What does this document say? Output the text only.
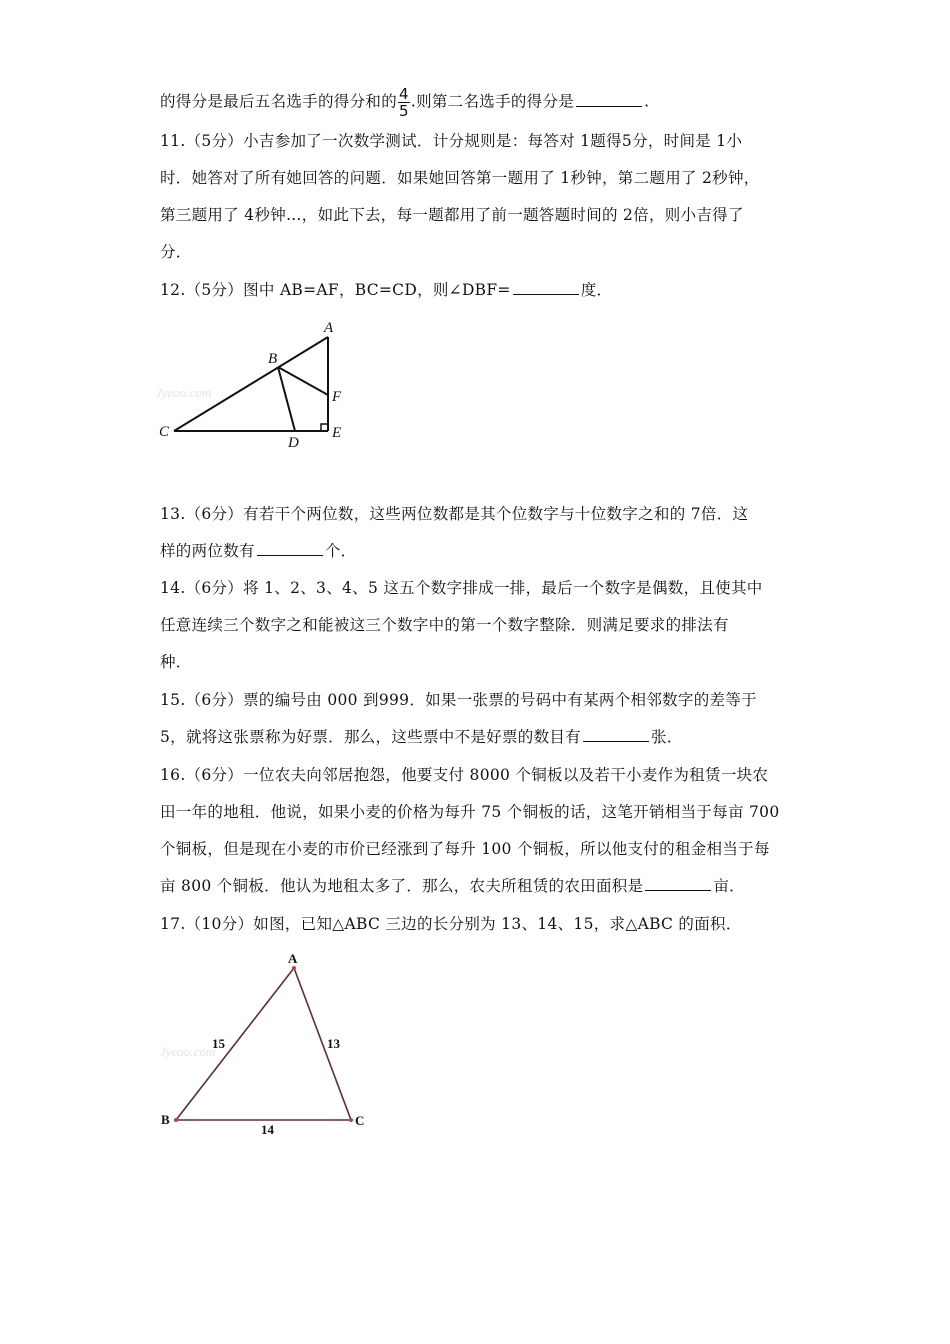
的得分是最后五名选手的得分和的 $\frac{4}{5}$ .则第二名选手的得分是	.
11.（5分）小吉参加了一次数学测试．计分规则是：每答对 1题得5分，时间是 1小
时．她答对了所有她回答的问题．如果她回答第一题用了 1秒钟，第二题用了 2秒钟，
第三题用了 4秒钟…，如此下去，每一题都用了前一题答题时间的 2倍，则小吉得了
分．
12.（5分）图中 AB=AF，BC=CD，则∠DBF=	度．
Jyeoo.com
A
B
C
D
E
F
13.（6分）有若干个两位数，这些两位数都是其个位数字与十位数字之和的 7倍．这
样的两位数有	个．
14.（6分）将 1、2、3、4、5 这五个数字排成一排，最后一个数字是偶数，且使其中
任意连续三个数字之和能被这三个数字中的第一个数字整除．则满足要求的排法有
种．
15.（6分）票的编号由 000 到999．如果一张票的号码中有某两个相邻数字的差等于
5，就将这张票称为好票．那么，这些票中不是好票的数目有	张．
16.（6分）一位农夫向邻居抱怨，他要支付 8000 个铜板以及若干小麦作为租赁一块农
田一年的地租．他说，如果小麦的价格为每升 75 个铜板的话，这笔开销相当于每亩 700
个铜板，但是现在小麦的市价已经涨到了每升 100 个铜板，所以他支付的租金相当于每
亩 800 个铜板．他认为地租太多了．那么，农夫所租赁的农田面积是	亩．
17.（10分）如图，已知△ABC 三边的长分别为 13、14、15，求△ABC 的面积．
Jyeoo.com
A
B	C
15	13
14
